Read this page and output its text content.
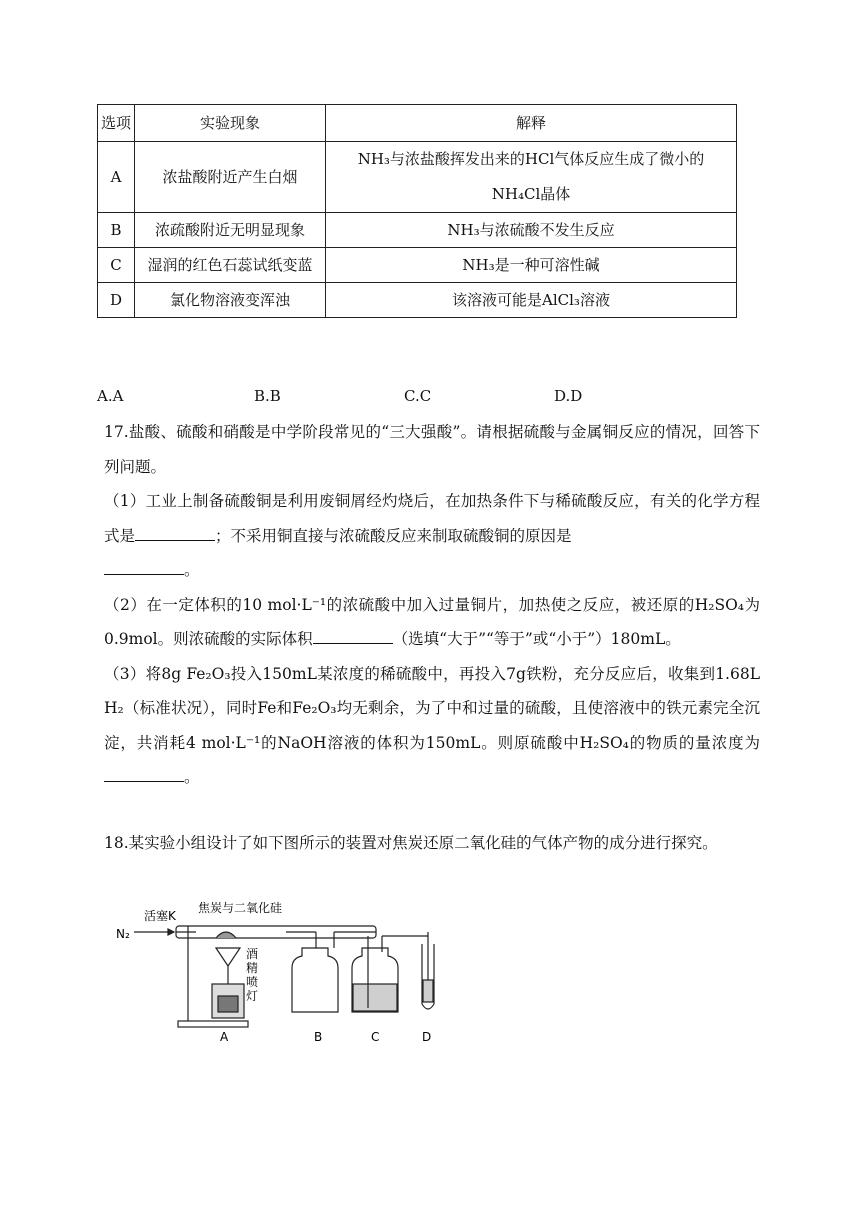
选项	实验现象	解释
A	浓盐酸附近产生白烟	NH₃与浓盐酸挥发出来的HCl气体反应生成了微小的NH₄Cl晶体
B	浓疏酸附近无明显现象	NH₃与浓硫酸不发生反应
C	湿润的红色石蕊试纸变蓝	NH₃是一种可溶性碱
D	氯化物溶液变浑浊	该溶液可能是AlCl₃溶液
A.A	B.B	C.C	D.D

17.盐酸、硫酸和硝酸是中学阶段常见的“三大强酸”。请根据硫酸与金属铜反应的情况，回答下列问题。

（1）工业上制备硫酸铜是利用废铜屑经灼烧后，在加热条件下与稀硫酸反应，有关的化学方程式是	；不采用铜直接与浓硫酸反应来制取硫酸铜的原因是
。

（2）在一定体积的10 mol·L⁻¹的浓硫酸中加入过量铜片，加热使之反应，被还原的H₂SO₄为0.9mol。则浓硫酸的实际体积	（选填“大于”“等于”或“小于”）180mL。

（3）将8g Fe₂O₃投入150mL某浓度的稀硫酸中，再投入7g铁粉，充分反应后，收集到1.68L H₂（标准状况），同时Fe和Fe₂O₃均无剩余，为了中和过量的硫酸，且使溶液中的铁元素完全沉淀，共消耗4 mol·L⁻¹的NaOH溶液的体积为150mL。则原硫酸中H₂SO₄的物质的量浓度为。

18.某实验小组设计了如下图所示的装置对焦炭还原二氧化硅的气体产物的成分进行探究。

N₂
活塞K
焦炭与二氧化硅
酒
精
喷
灯
A	B	C	D
